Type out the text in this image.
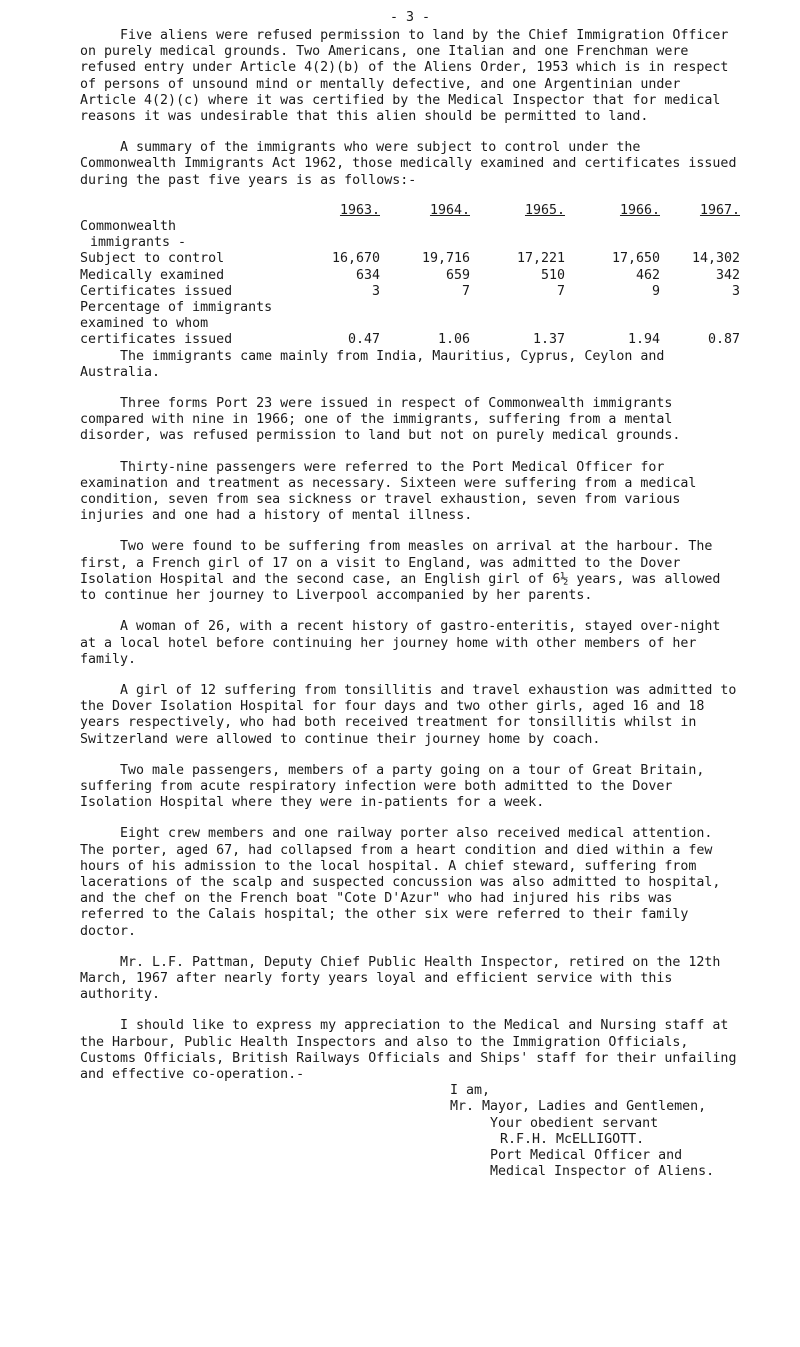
- 3 -

Five aliens were refused permission to land by the Chief Immigration Officer on purely medical grounds. Two Americans, one Italian and one Frenchman were refused entry under Article 4(2)(b) of the Aliens Order, 1953 which is in respect of persons of unsound mind or mentally defective, and one Argentinian under Article 4(2)(c) where it was certified by the Medical Inspector that for medical reasons it was undesirable that this alien should be permitted to land.

A summary of the immigrants who were subject to control under the Commonwealth Immigrants Act 1962, those medically examined and certificates issued during the past five years is as follows:-

	1963.	1964.	1965.	1966.	1967.
Commonwealth					
immigrants -					
Subject to control	16,670	19,716	17,221	17,650	14,302
Medically examined	634	659	510	462	342
Certificates issued	3	7	7	9	3
Percentage of immigrants					
examined to whom					
certificates issued	0.47	1.06	1.37	1.94	0.87

The immigrants came mainly from India, Mauritius, Cyprus, Ceylon and Australia.

Three forms Port 23 were issued in respect of Commonwealth immigrants compared with nine in 1966; one of the immigrants, suffering from a mental disorder, was refused permission to land but not on purely medical grounds.

Thirty-nine passengers were referred to the Port Medical Officer for examination and treatment as necessary. Sixteen were suffering from a medical condition, seven from sea sickness or travel exhaustion, seven from various injuries and one had a history of mental illness.

Two were found to be suffering from measles on arrival at the harbour. The first, a French girl of 17 on a visit to England, was admitted to the Dover Isolation Hospital and the second case, an English girl of 6½ years, was allowed to continue her journey to Liverpool accompanied by her parents.

A woman of 26, with a recent history of gastro-enteritis, stayed over-night at a local hotel before continuing her journey home with other members of her family.

A girl of 12 suffering from tonsillitis and travel exhaustion was admitted to the Dover Isolation Hospital for four days and two other girls, aged 16 and 18 years respectively, who had both received treatment for tonsillitis whilst in Switzerland were allowed to continue their journey home by coach.

Two male passengers, members of a party going on a tour of Great Britain, suffering from acute respiratory infection were both admitted to the Dover Isolation Hospital where they were in-patients for a week.

Eight crew members and one railway porter also received medical attention. The porter, aged 67, had collapsed from a heart condition and died within a few hours of his admission to the local hospital. A chief steward, suffering from lacerations of the scalp and suspected concussion was also admitted to hospital, and the chef on the French boat "Cote D'Azur" who had injured his ribs was referred to the Calais hospital; the other six were referred to their family doctor.

Mr. L.F. Pattman, Deputy Chief Public Health Inspector, retired on the 12th March, 1967 after nearly forty years loyal and efficient service with this authority.

I should like to express my appreciation to the Medical and Nursing staff at the Harbour, Public Health Inspectors and also to the Immigration Officials, Customs Officials, British Railways Officials and Ships' staff for their unfailing and effective co-operation.-

I am,
Mr. Mayor, Ladies and Gentlemen,
Your obedient servant
R.F.H. McELLIGOTT.
Port Medical Officer and
Medical Inspector of Aliens.
